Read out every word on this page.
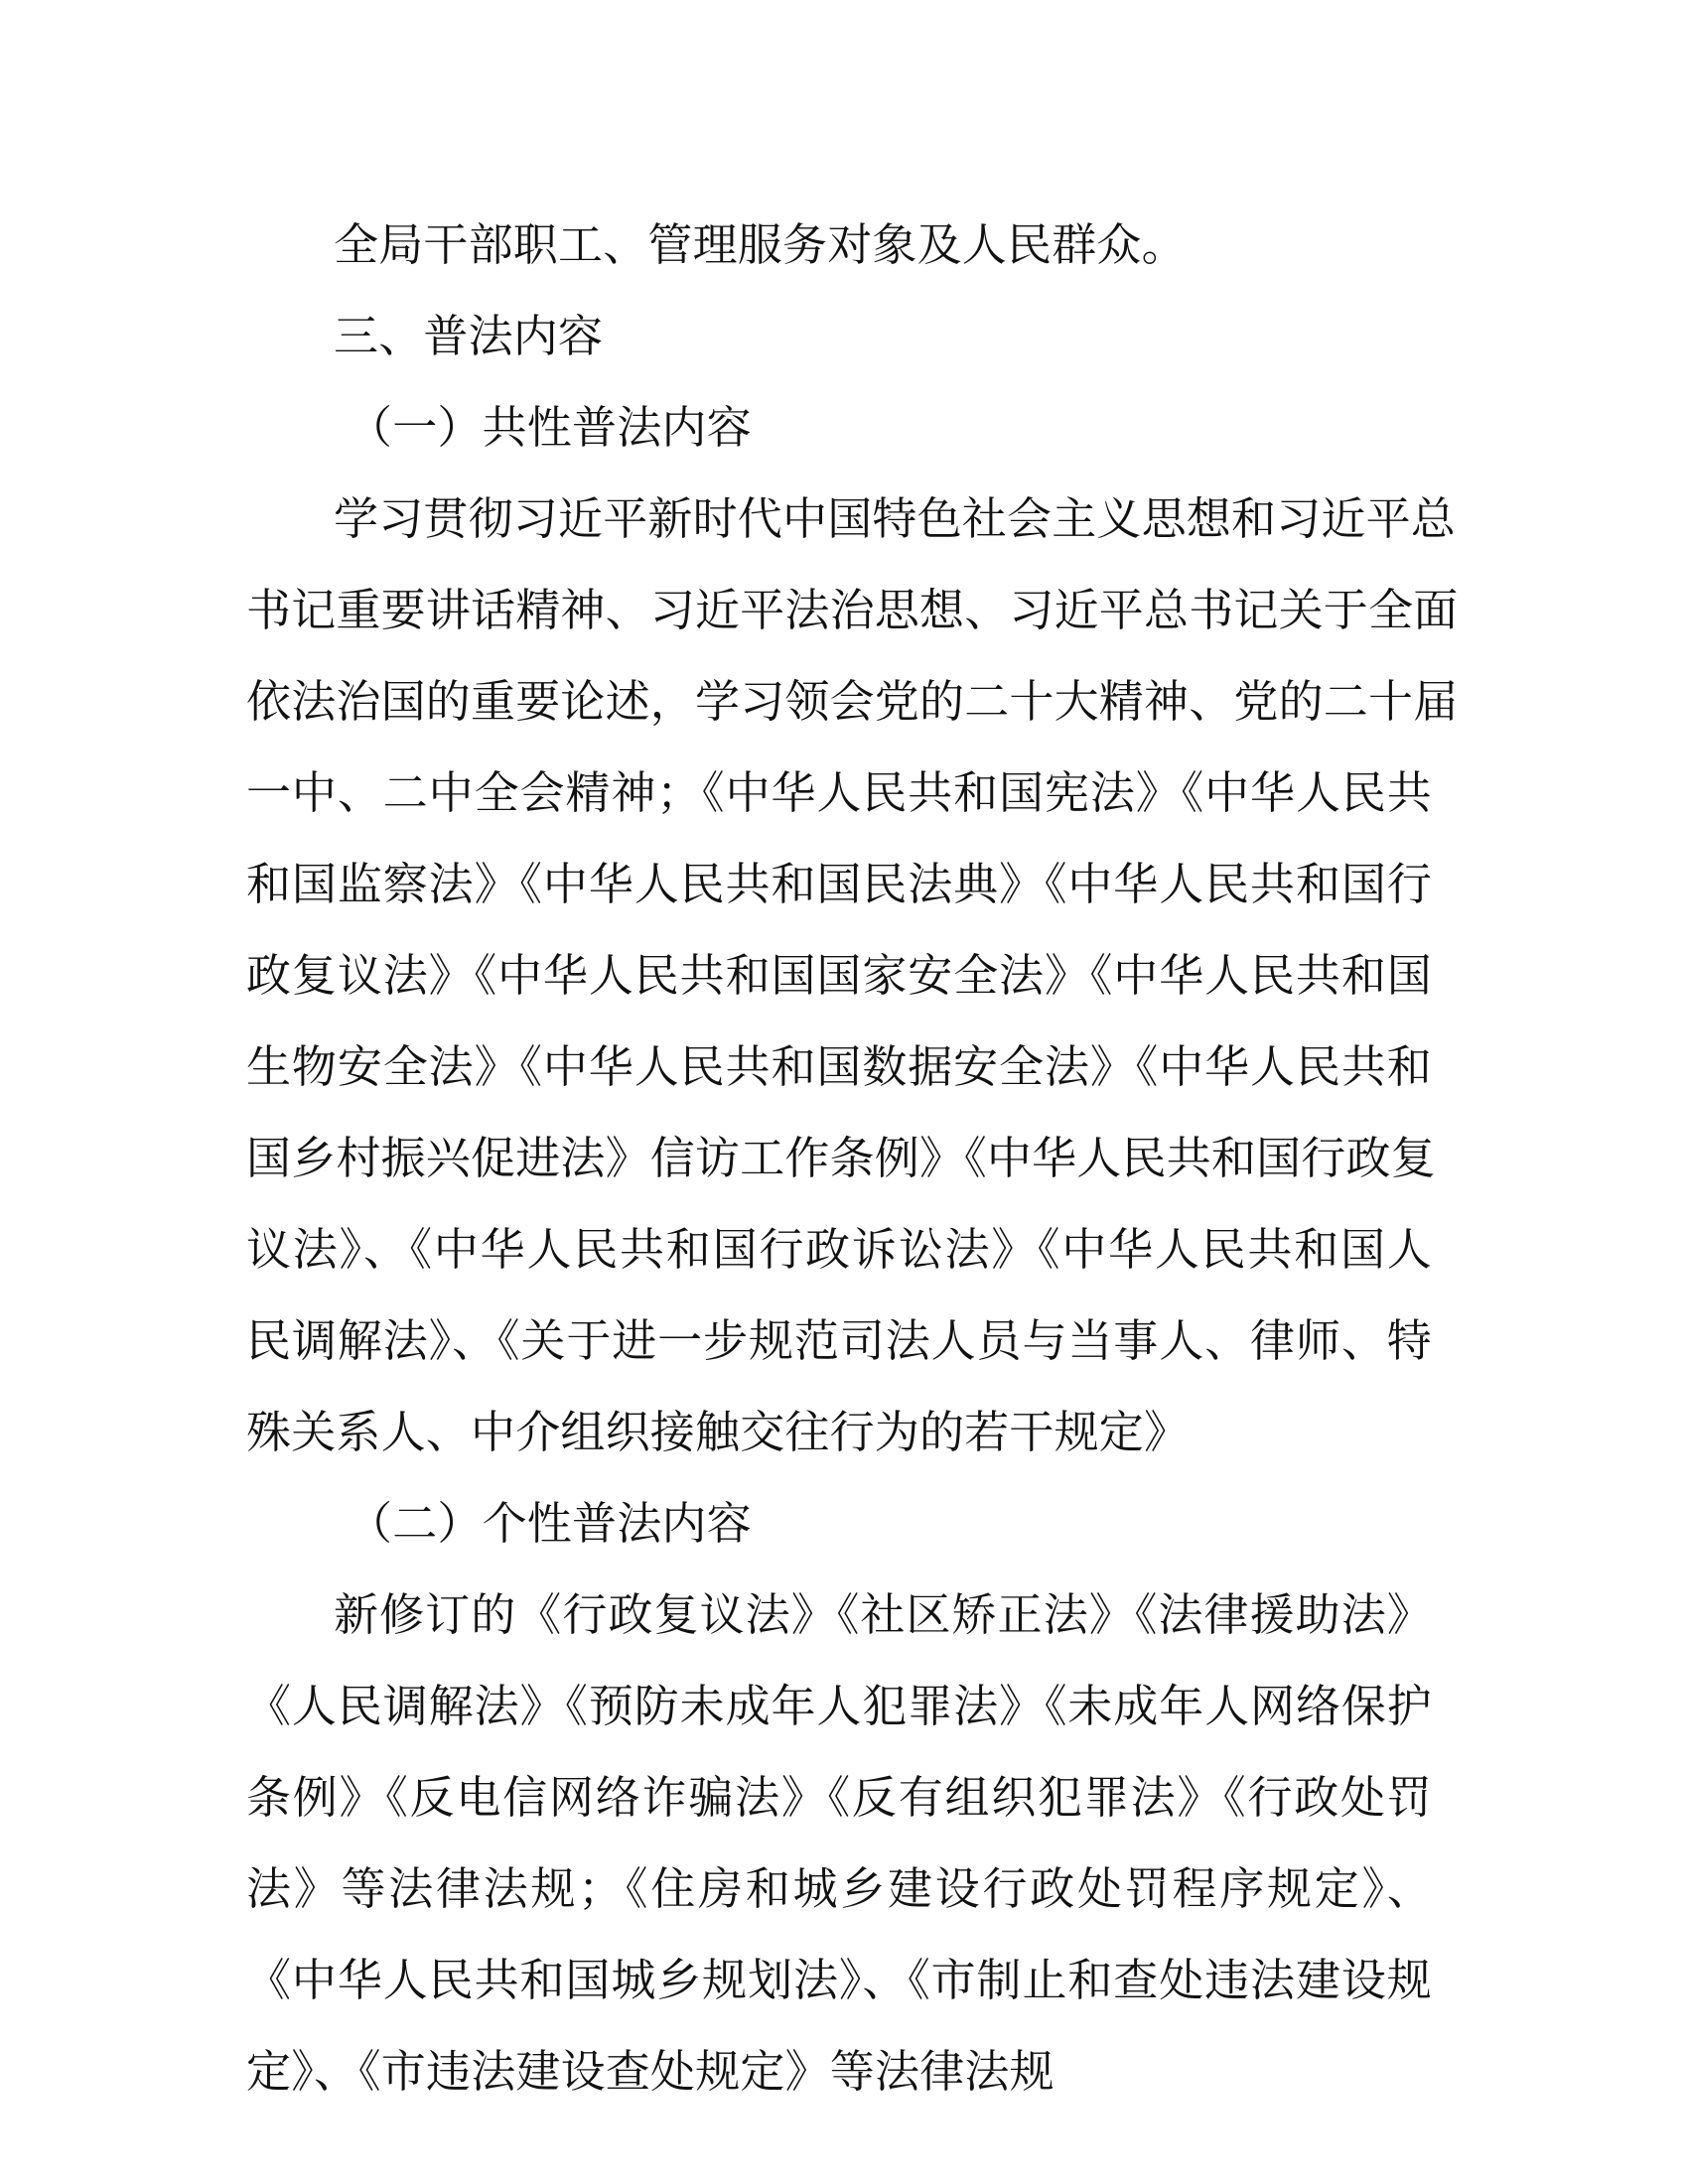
全局干部职工、管理服务对象及人民群众。
三、普法内容
（一）共性普法内容
学习贯彻习近平新时代中国特色社会主义思想和习近平总
书记重要讲话精神、习近平法治思想、习近平总书记关于全面
依法治国的重要论述，学习领会党的二十大精神、党的二十届
一中、二中全会精神；《中华人民共和国宪法》《中华人民共
和国监察法》《中华人民共和国民法典》《中华人民共和国行
政复议法》《中华人民共和国国家安全法》《中华人民共和国
生物安全法》《中华人民共和国数据安全法》《中华人民共和
国乡村振兴促进法》信访工作条例》《中华人民共和国行政复
议法》、《中华人民共和国行政诉讼法》《中华人民共和国人
民调解法》、《关于进一步规范司法人员与当事人、律师、特
殊关系人、中介组织接触交往行为的若干规定》
（二）个性普法内容
新修订的《行政复议法》《社区矫正法》《法律援助法》
《人民调解法》《预防未成年人犯罪法》《未成年人网络保护
条例》《反电信网络诈骗法》《反有组织犯罪法》《行政处罚
法》等法律法规；《住房和城乡建设行政处罚程序规定》、
《中华人民共和国城乡规划法》、《市制止和查处违法建设规
定》、《市违法建设查处规定》等法律法规
